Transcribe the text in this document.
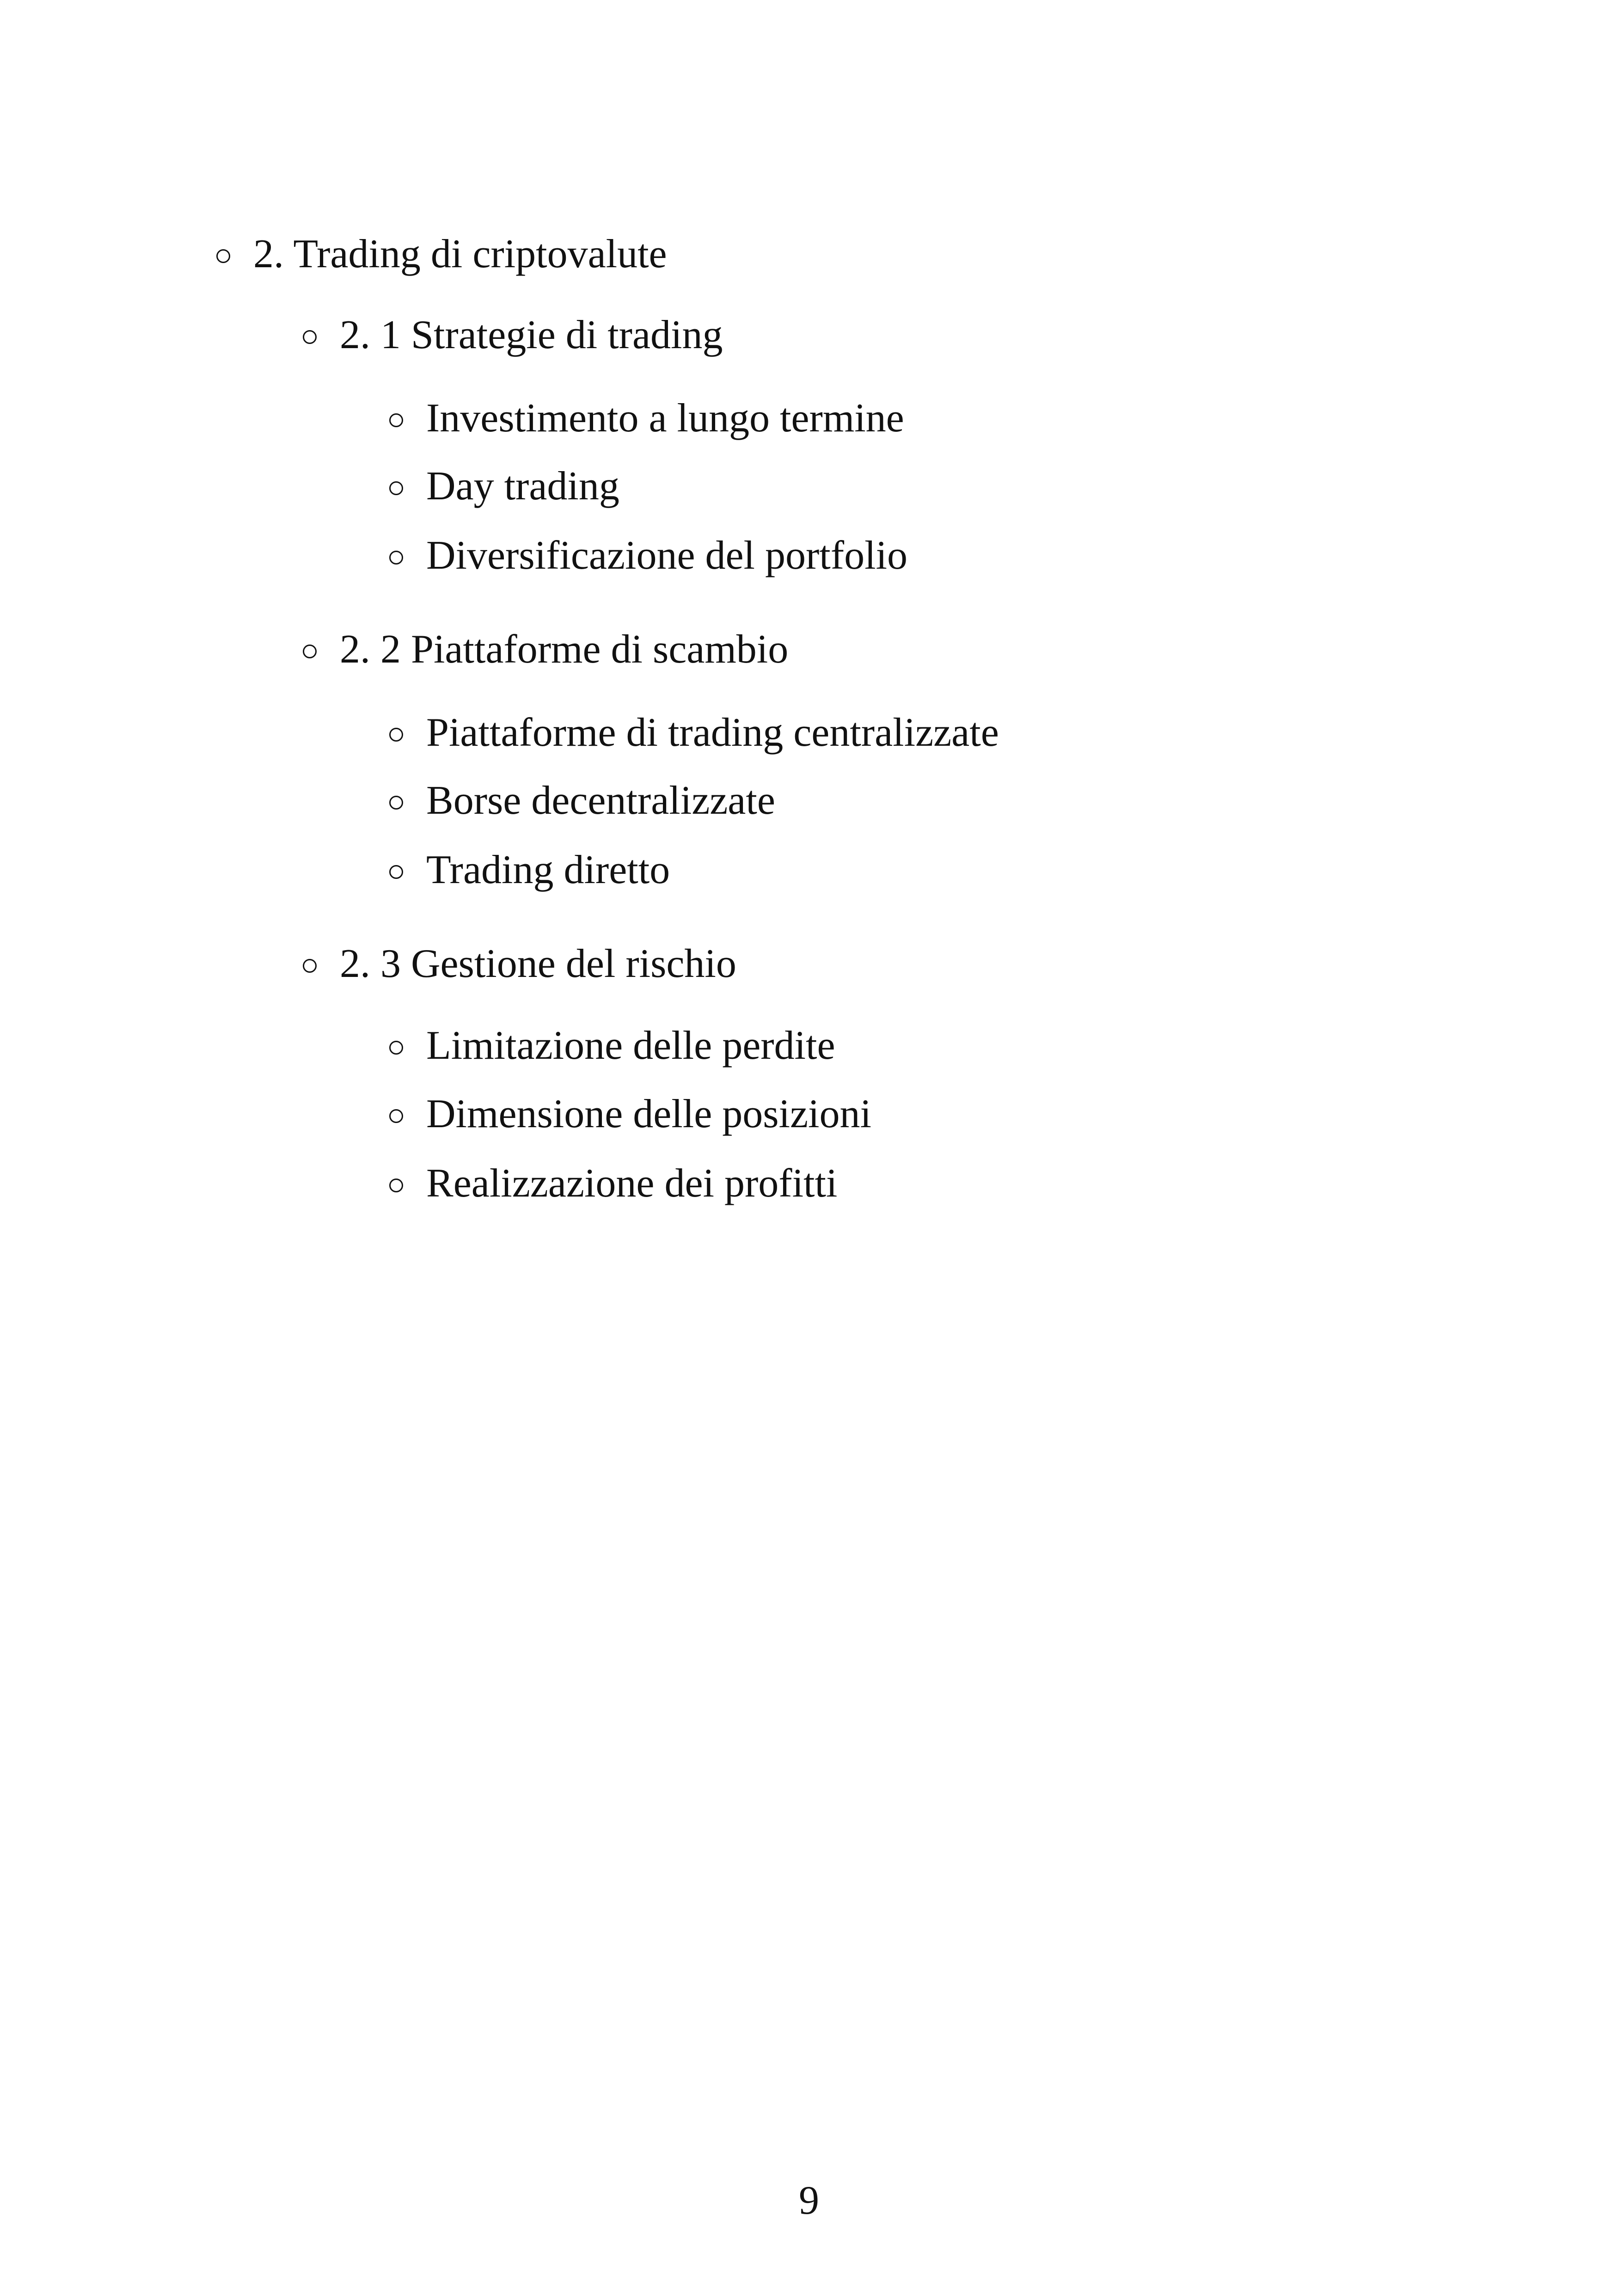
2. Trading di criptovalute
2. 1 Strategie di trading
Investimento a lungo termine
Day trading
Diversificazione del portfolio
2. 2 Piattaforme di scambio
Piattaforme di trading centralizzate
Borse decentralizzate
Trading diretto
2. 3 Gestione del rischio
Limitazione delle perdite
Dimensione delle posizioni
Realizzazione dei profitti
9
